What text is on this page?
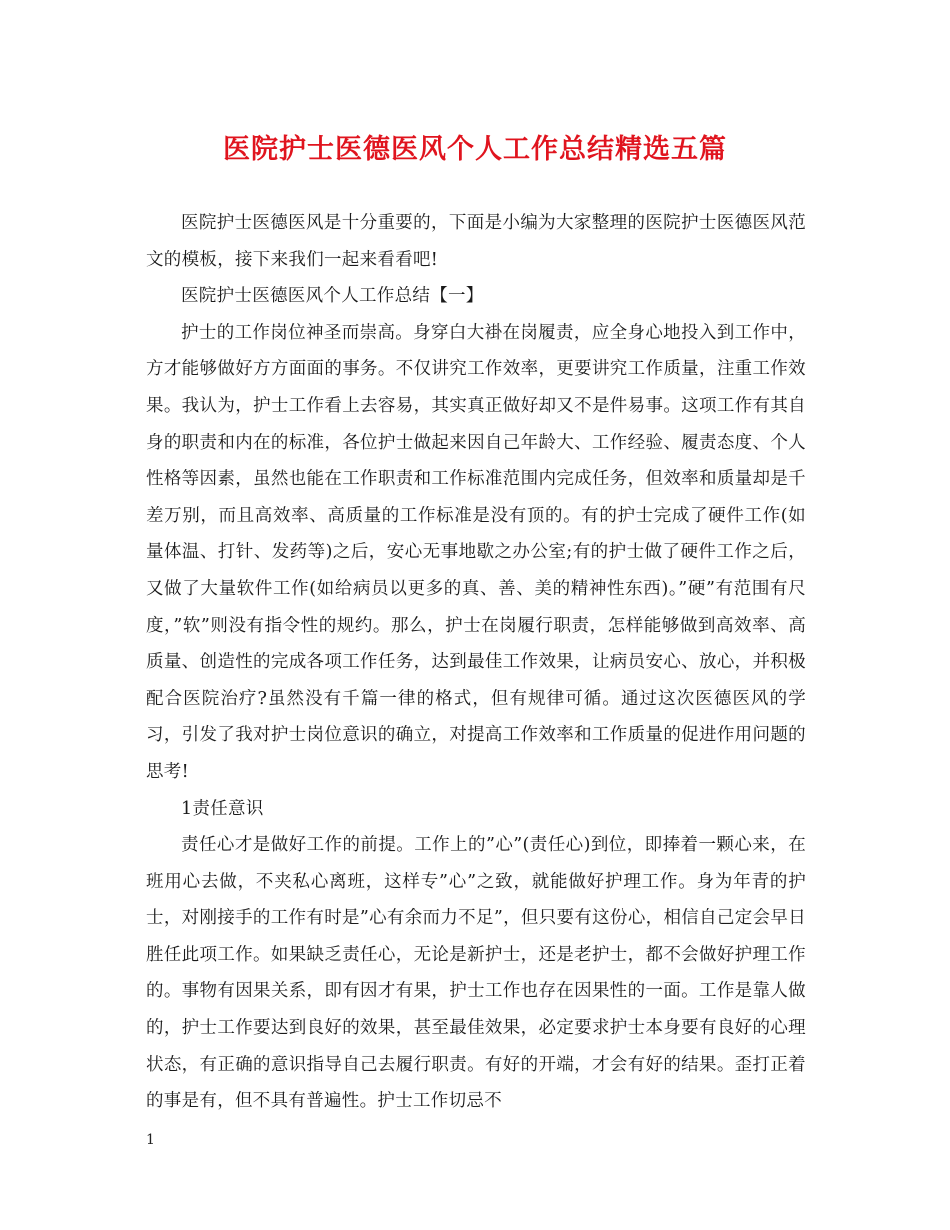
医院护士医德医风个人工作总结精选五篇

医院护士医德医风是十分重要的，下面是小编为大家整理的医院护士医德医风范文的模板，接下来我们一起来看看吧!

医院护士医德医风个人工作总结【一】

护士的工作岗位神圣而崇高。身穿白大褂在岗履责，应全身心地投入到工作中，方才能够做好方方面面的事务。不仅讲究工作效率，更要讲究工作质量，注重工作效果。我认为，护士工作看上去容易，其实真正做好却又不是件易事。这项工作有其自身的职责和内在的标准，各位护士做起来因自己年龄大、工作经验、履责态度、个人性格等因素，虽然也能在工作职责和工作标准范围内完成任务，但效率和质量却是千差万别，而且高效率、高质量的工作标准是没有顶的。有的护士完成了硬件工作(如量体温、打针、发药等)之后，安心无事地歇之办公室;有的护士做了硬件工作之后，又做了大量软件工作(如给病员以更多的真、善、美的精神性东西)。”硬”有范围有尺度，”软”则没有指令性的规约。那么，护士在岗履行职责，怎样能够做到高效率、高质量、创造性的完成各项工作任务，达到最佳工作效果，让病员安心、放心，并积极配合医院治疗?虽然没有千篇一律的格式，但有规律可循。通过这次医德医风的学习，引发了我对护士岗位意识的确立，对提高工作效率和工作质量的促进作用问题的思考!

1责任意识

责任心才是做好工作的前提。工作上的”心”(责任心)到位，即捧着一颗心来，在班用心去做，不夹私心离班，这样专”心”之致，就能做好护理工作。身为年青的护士，对刚接手的工作有时是”心有余而力不足”，但只要有这份心，相信自己定会早日胜任此项工作。如果缺乏责任心，无论是新护士，还是老护士，都不会做好护理工作的。事物有因果关系，即有因才有果，护士工作也存在因果性的一面。工作是靠人做的，护士工作要达到良好的效果，甚至最佳效果，必定要求护士本身要有良好的心理状态，有正确的意识指导自己去履行职责。有好的开端，才会有好的结果。歪打正着的事是有，但不具有普遍性。护士工作切忌不

1
